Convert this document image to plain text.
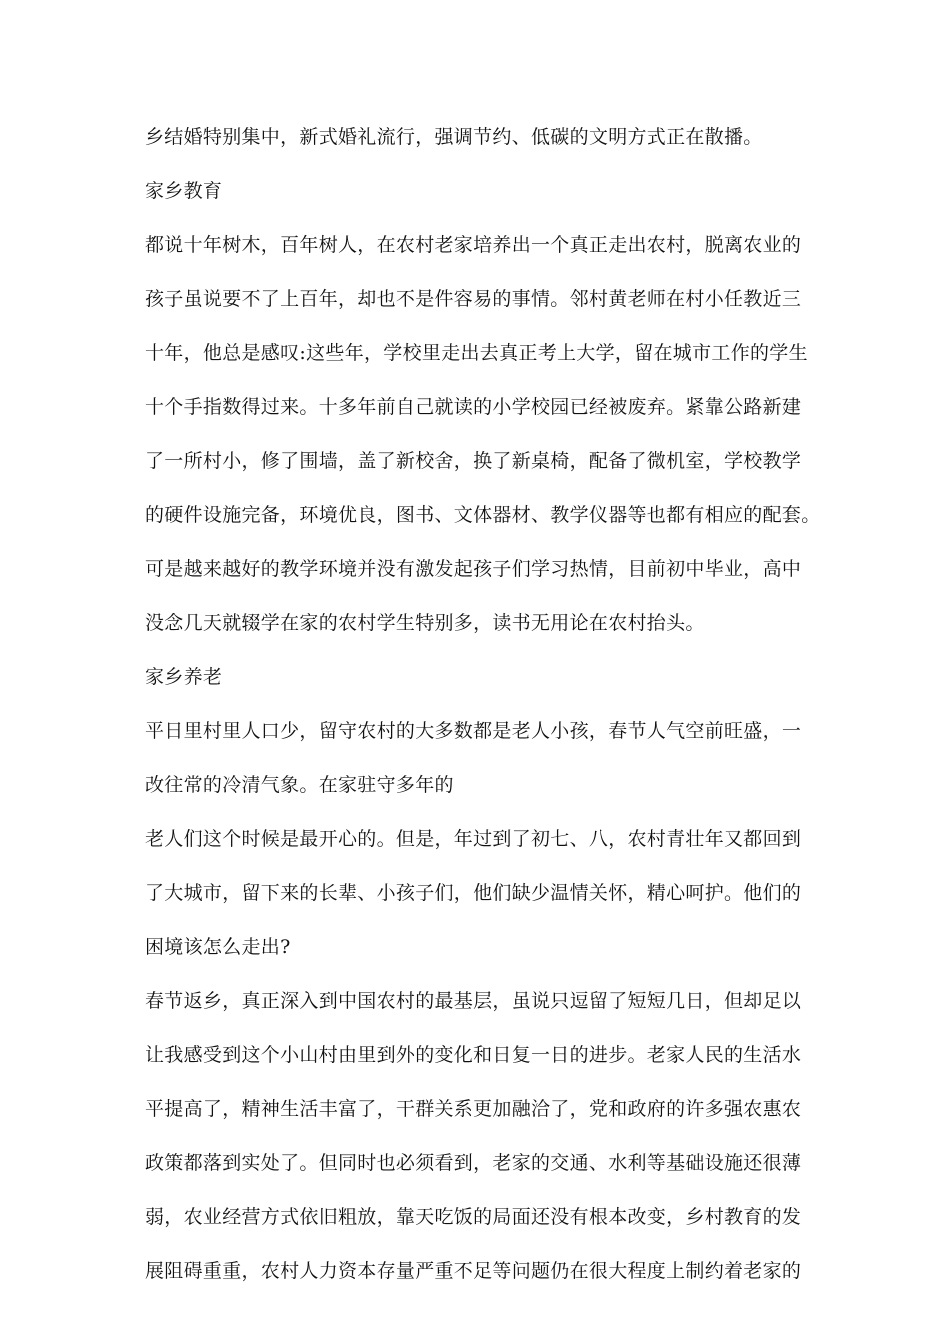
乡结婚特别集中，新式婚礼流行，强调节约、低碳的文明方式正在散播。
家乡教育
都说十年树木，百年树人，在农村老家培养出一个真正走出农村，脱离农业的
孩子虽说要不了上百年，却也不是件容易的事情。邻村黄老师在村小任教近三
十年，他总是感叹:这些年，学校里走出去真正考上大学，留在城市工作的学生
十个手指数得过来。十多年前自己就读的小学校园已经被废弃。紧靠公路新建
了一所村小，修了围墙，盖了新校舍，换了新桌椅，配备了微机室，学校教学
的硬件设施完备，环境优良，图书、文体器材、教学仪器等也都有相应的配套。
可是越来越好的教学环境并没有激发起孩子们学习热情，目前初中毕业，高中
没念几天就辍学在家的农村学生特别多，读书无用论在农村抬头。
家乡养老
平日里村里人口少，留守农村的大多数都是老人小孩，春节人气空前旺盛，一
改往常的冷清气象。在家驻守多年的
老人们这个时候是最开心的。但是，年过到了初七、八，农村青壮年又都回到
了大城市，留下来的长辈、小孩子们，他们缺少温情关怀，精心呵护。他们的
困境该怎么走出?
春节返乡，真正深入到中国农村的最基层，虽说只逗留了短短几日，但却足以
让我感受到这个小山村由里到外的变化和日复一日的进步。老家人民的生活水
平提高了，精神生活丰富了，干群关系更加融洽了，党和政府的许多强农惠农
政策都落到实处了。但同时也必须看到，老家的交通、水利等基础设施还很薄
弱，农业经营方式依旧粗放，靠天吃饭的局面还没有根本改变，乡村教育的发
展阻碍重重，农村人力资本存量严重不足等问题仍在很大程度上制约着老家的
